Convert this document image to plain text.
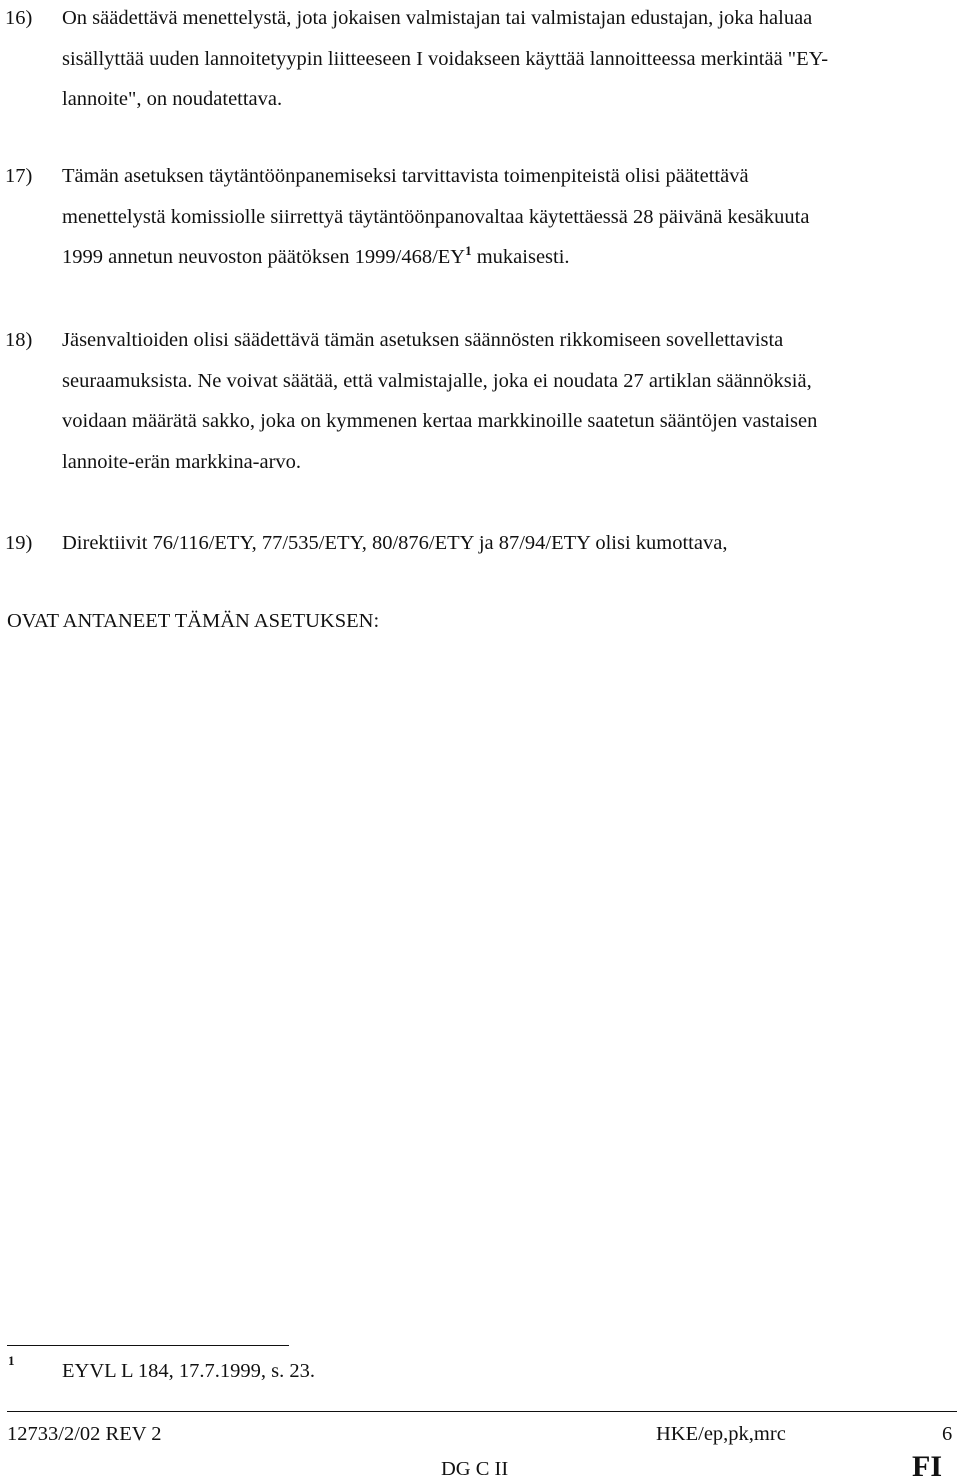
16) On säädettävä menettelystä, jota jokaisen valmistajan tai valmistajan edustajan, joka haluaa
sisällyttää uuden lannoitetyypin liitteeseen I voidakseen käyttää lannoitteessa merkintää "EY-
lannoite", on noudatettava.
17) Tämän asetuksen täytäntöönpanemiseksi tarvittavista toimenpiteistä olisi päätettävä
menettelystä komissiolle siirrettyä täytäntöönpanovaltaa käytettäessä 28 päivänä kesäkuuta
1999 annetun neuvoston päätöksen $1999/468/EY^1$ mukaisesti.
18) Jäsenvaltioiden olisi säädettävä tämän asetuksen säännösten rikkomiseen sovellettavista
seuraamuksista. Ne voivat säätää, että valmistajalle, joka ei noudata 27 artiklan säännöksiä,
voidaan määrätä sakko, joka on kymmenen kertaa markkinoille saatetun sääntöjen vastaisen
lannoite-erän markkina-arvo.
19) Direktiivit 76/116/ETY, 77/535/ETY, 80/876/ETY ja 87/94/ETY olisi kumottava,
OVAT ANTANEET TÄMÄN ASETUKSEN:
1 EYVL L 184, 17.7.1999, s. 23.
12733/2/02 REV 2	HKE/ep,pk,mrc	6
DG C II	FI
